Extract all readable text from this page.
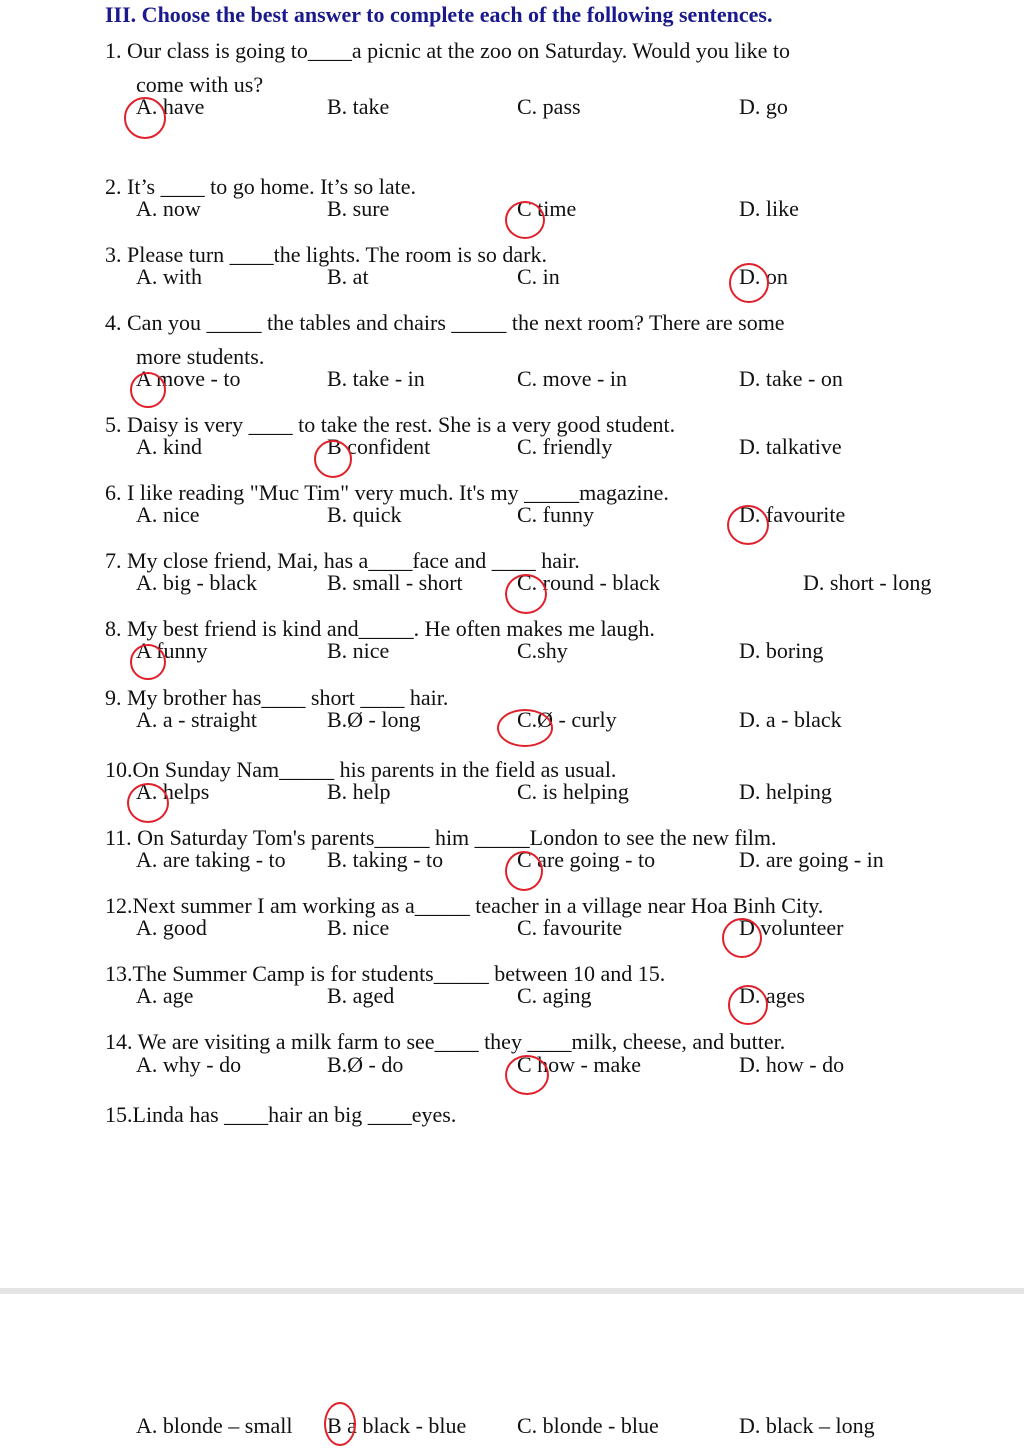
III. Choose the best answer to complete each of the following sentences.
1. Our class is going to____a picnic at the zoo on Saturday. Would you like to
come with us?
A. have	B. take	C. pass	D. go
2. It’s ____ to go home. It’s so late.
A. now	B. sure	C time	D. like
3. Please turn ____the lights. The room is so dark.
A. with	B. at	C. in	D. on
4. Can you _____ the tables and chairs _____ the next room? There are some
more students.
A move - to	B. take - in	C. move - in	D. take - on
5. Daisy is very ____ to take the rest. She is a very good student.
A. kind	B confident	C. friendly	D. talkative
6. I like reading "Muc Tim" very much. It's my _____magazine.
A. nice	B. quick	C. funny	D. favourite
7. My close friend, Mai, has a____face and ____ hair.
A. big - black	B. small - short C. round - black	D. short - long
8. My best friend is kind and_____. He often makes me laugh.
A funny	B. nice	C.shy	D. boring
9. My brother has____ short ____ hair.
A. a - straight	B.Ø - long	C.Ø - curly	D. a - black
10.On Sunday Nam_____ his parents in the field as usual.
A. helps	B. help	C. is helping	D. helping
11. On Saturday Tom's parents_____ him _____London to see the new film.
A. are taking - to B. taking - to	C are going - to	D. are going - in
12.Next summer I am working as a_____ teacher in a village near Hoa Binh City.
A. good	B. nice	C. favourite	D volunteer
13.The Summer Camp is for students_____ between 10 and 15.
A. age	B. aged	C. aging	D. ages
14. We are visiting a milk farm to see____ they ____milk, cheese, and butter.
A. why - do	B.Ø - do	C how - make	D. how - do
15.Linda has ____hair an big ____eyes.
A. blonde – small B a black - blue C. blonde - blue	D. black – long
